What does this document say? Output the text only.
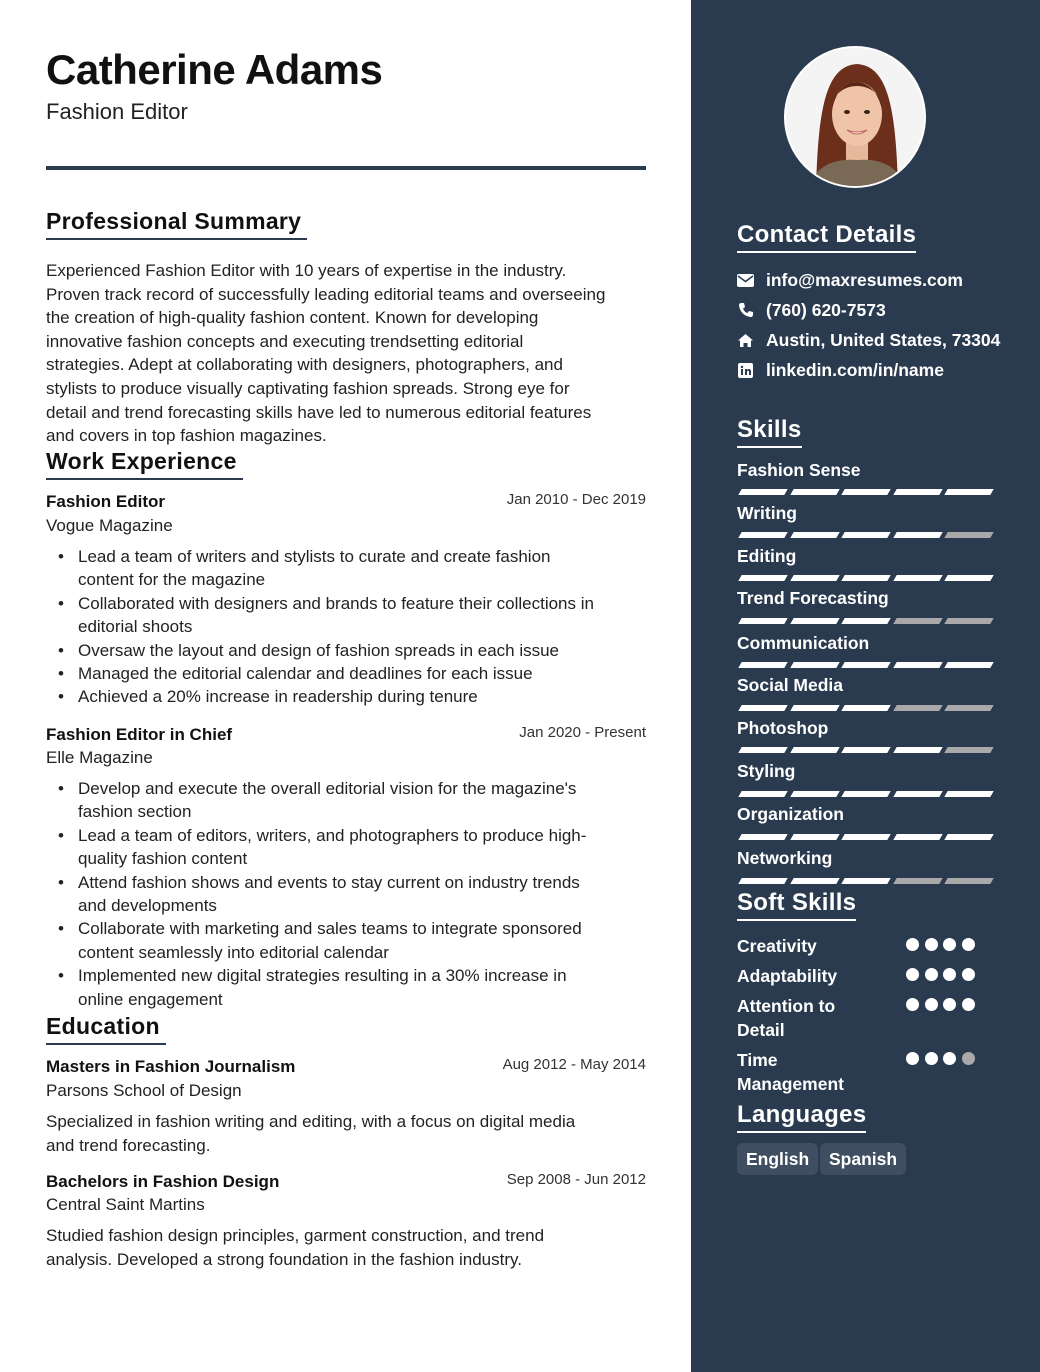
Catherine Adams
Fashion Editor
Professional Summary
Experienced Fashion Editor with 10 years of expertise in the industry.
Proven track record of successfully leading editorial teams and overseeing
the creation of high-quality fashion content. Known for developing
innovative fashion concepts and executing trendsetting editorial
strategies. Adept at collaborating with designers, photographers, and
stylists to produce visually captivating fashion spreads. Strong eye for
detail and trend forecasting skills have led to numerous editorial features
and covers in top fashion magazines.
Work Experience
Fashion Editor	Jan 2010 - Dec 2019
Vogue Magazine
• Lead a team of writers and stylists to curate and create fashion
content for the magazine
• Collaborated with designers and brands to feature their collections in
editorial shoots
• Oversaw the layout and design of fashion spreads in each issue
• Managed the editorial calendar and deadlines for each issue
• Achieved a 20% increase in readership during tenure
Fashion Editor in Chief	Jan 2020 - Present
Elle Magazine
• Develop and execute the overall editorial vision for the magazine's
fashion section
• Lead a team of editors, writers, and photographers to produce high-
quality fashion content
• Attend fashion shows and events to stay current on industry trends
and developments
• Collaborate with marketing and sales teams to integrate sponsored
content seamlessly into editorial calendar
• Implemented new digital strategies resulting in a 30% increase in
online engagement
Education
Masters in Fashion Journalism	Aug 2012 - May 2014
Parsons School of Design
Specialized in fashion writing and editing, with a focus on digital media
and trend forecasting.
Bachelors in Fashion Design	Sep 2008 - Jun 2012
Central Saint Martins
Studied fashion design principles, garment construction, and trend
analysis. Developed a strong foundation in the fashion industry.
Contact Details
info@maxresumes.com
(760) 620-7573
Austin, United States, 73304
linkedin.com/in/name
Skills
Fashion Sense
Writing
Editing
Trend Forecasting
Communication
Social Media
Photoshop
Styling
Organization
Networking
Soft Skills
Creativity
Adaptability
Attention to Detail
Time Management
Languages
English	Spanish
